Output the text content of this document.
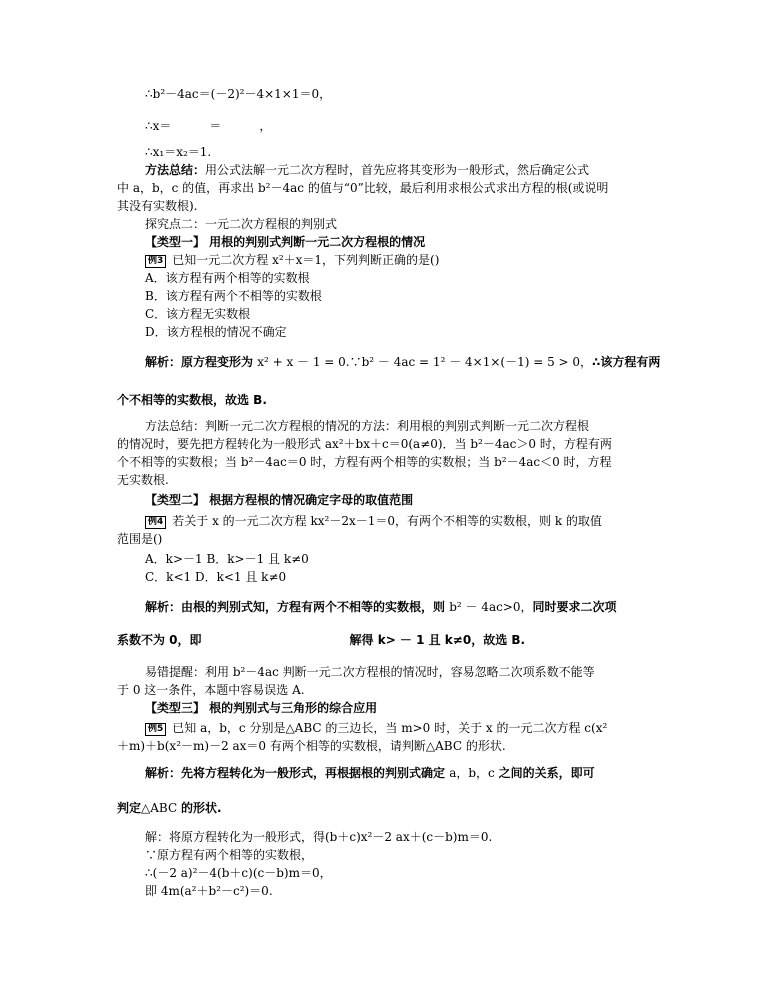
∴b²－4ac＝(－2)²－4×1×1＝0，
∴x＝	＝	，
∴x₁＝x₂＝1.
方法总结：用公式法解一元二次方程时，首先应将其变形为一般形式，然后确定公式
中 a，b，c 的值，再求出 b²－4ac 的值与“0”比较，最后利用求根公式求出方程的根(或说明
其没有实数根).
探究点二：一元二次方程根的判别式
【类型一】 用根的判别式判断一元二次方程根的情况
例3 已知一元二次方程 x²＋x＝1，下列判断正确的是()
A．该方程有两个相等的实数根
B．该方程有两个不相等的实数根
C．该方程无实数根
D．该方程根的情况不确定
解析：原方程变形为 x² + x － 1 = 0.∵b² － 4ac = 1² － 4×1×(－1) = 5 > 0，∴该方程有两
个不相等的实数根，故选 B.
方法总结：判断一元二次方程根的情况的方法：利用根的判别式判断一元二次方程根
的情况时，要先把方程转化为一般形式 ax²＋bx＋c＝0(a≠0)．当 b²－4ac＞0 时，方程有两
个不相等的实数根；当 b²－4ac＝0 时，方程有两个相等的实数根；当 b²－4ac＜0 时，方程
无实数根.
【类型二】 根据方程根的情况确定字母的取值范围
例4 若关于 x 的一元二次方程 kx²－2x－1＝0，有两个不相等的实数根，则 k 的取值
范围是()
A．k>－1 B．k>－1 且 k≠0
C．k<1 D．k<1 且 k≠0
解析：由根的判别式知，方程有两个不相等的实数根，则 b² － 4ac>0，同时要求二次项
系数不为 0，即	解得 k> － 1 且 k≠0，故选 B.
易错提醒：利用 b²－4ac 判断一元二次方程根的情况时，容易忽略二次项系数不能等
于 0 这一条件，本题中容易误选 A.
【类型三】 根的判别式与三角形的综合应用
例5 已知 a，b，c 分别是△ABC 的三边长，当 m>0 时，关于 x 的一元二次方程 c(x²
＋m)＋b(x²－m)－2 ax＝0 有两个相等的实数根，请判断△ABC 的形状.
解析：先将方程转化为一般形式，再根据根的判别式确定 a，b，c 之间的关系，即可
判定△ABC 的形状.
解：将原方程转化为一般形式，得(b＋c)x²－2 ax＋(c－b)m＝0.
∵原方程有两个相等的实数根，
∴(－2 a)²－4(b＋c)(c－b)m＝0，
即 4m(a²＋b²－c²)＝0.
